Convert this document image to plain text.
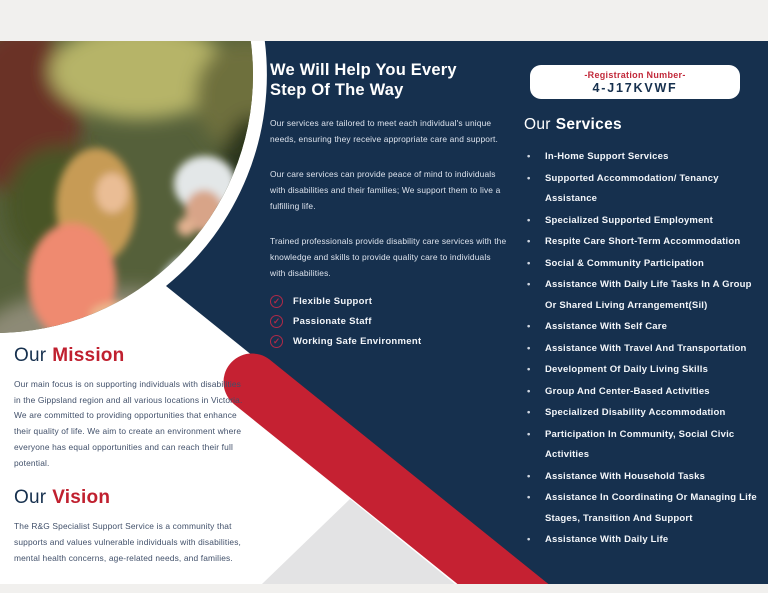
Our Mission

Our main focus is on supporting individuals with disabilities in the Gippsland region and all various locations in Victoria. We are committed to providing opportunities that enhance their quality of life. We aim to create an environment where everyone has equal opportunities and can reach their full potential.

Our Vision

The R&G Specialist Support Service is a community that supports and values vulnerable individuals with disabilities, mental health concerns, age-related needs, and families.

We Will Help You Every
Step Of The Way

Our services are tailored to meet each individual's unique needs, ensuring they receive appropriate care and support.

Our care services can provide peace of mind to individuals with disabilities and their families; We support them to live a fulfilling life.

Trained professionals provide disability care services with the knowledge and skills to provide quality care to individuals with disabilities.

✓	Flexible Support
✓	Passionate Staff
✓	Working Safe Environment
-Registration Number-
4-J17KVWF
Our Services
• In-Home Support Services
• Supported Accommodation/ Tenancy Assistance
• Specialized Supported Employment
• Respite Care Short-Term Accommodation
• Social & Community Participation
• Assistance With Daily Life Tasks In A Group Or Shared Living Arrangement(Sil)
• Assistance With Self Care
• Assistance With Travel And Transportation
• Development Of Daily Living Skills
• Group And Center-Based Activities
• Specialized Disability Accommodation
• Participation In Community, Social Civic Activities
• Assistance With Household Tasks
• Assistance In Coordinating Or Managing Life Stages, Transition And Support
• Assistance With Daily Life
